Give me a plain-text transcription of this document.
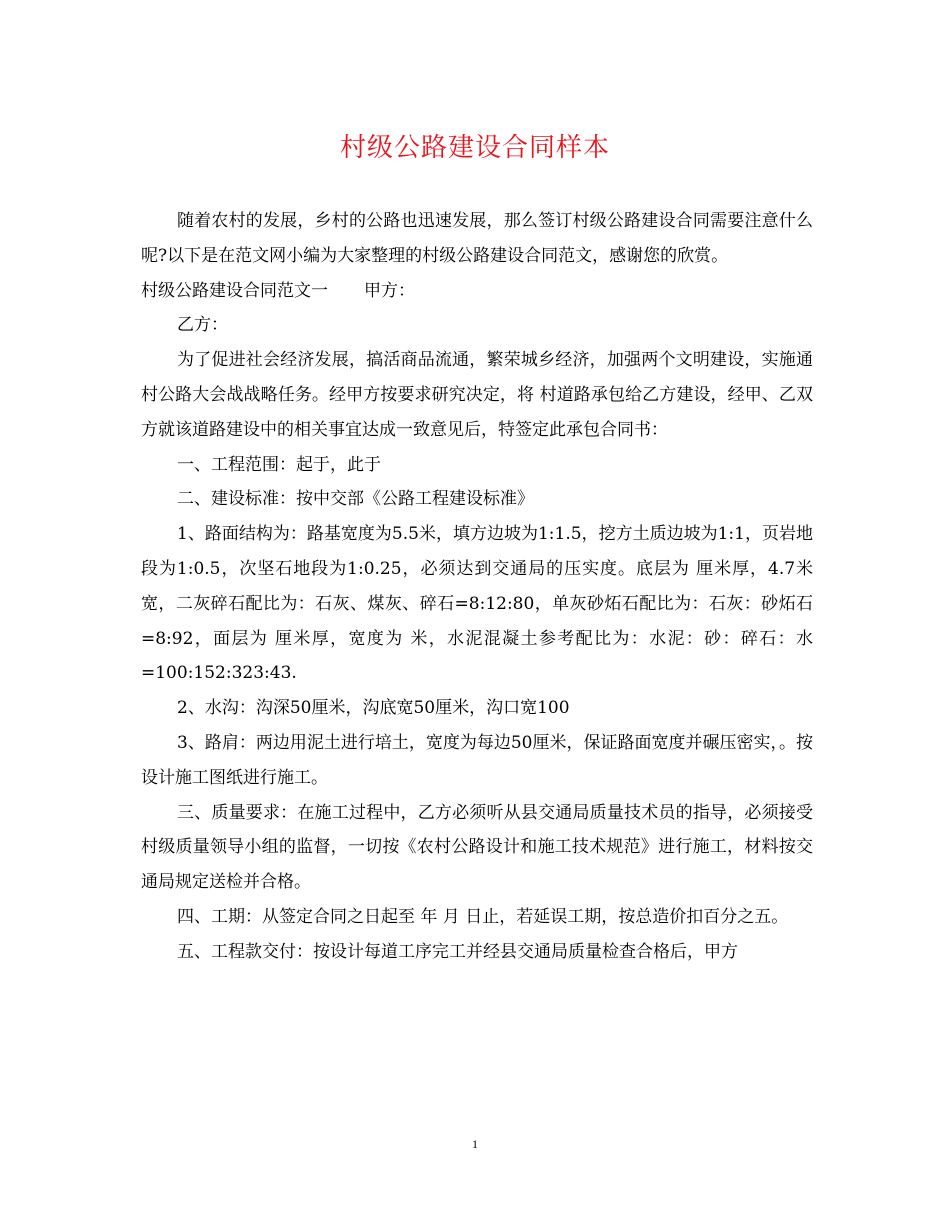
村级公路建设合同样本

随着农村的发展，乡村的公路也迅速发展，那么签订村级公路建设合同需要注意什么呢?以下是在范文网小编为大家整理的村级公路建设合同范文，感谢您的欣赏。

村级公路建设合同范文一 甲方：

乙方：

为了促进社会经济发展，搞活商品流通，繁荣城乡经济，加强两个文明建设，实施通村公路大会战战略任务。经甲方按要求研究决定，将 村道路承包给乙方建设，经甲、乙双方就该道路建设中的相关事宜达成一致意见后，特签定此承包合同书：

一、工程范围：起于，此于

二、建设标准：按中交部《公路工程建设标准》

1、路面结构为：路基宽度为5.5米，填方边坡为1:1.5，挖方土质边坡为1:1，页岩地段为1:0.5，次坚石地段为1:0.25，必须达到交通局的压实度。底层为 厘米厚，4.7米宽，二灰碎石配比为：石灰、煤灰、碎石=8:12:80，单灰砂炻石配比为：石灰：砂炻石=8:92，面层为 厘米厚，宽度为 米，水泥混凝土参考配比为：水泥：砂：碎石：水=100:152:323:43.

2、水沟：沟深50厘米，沟底宽50厘米，沟口宽100

3、路肩：两边用泥土进行培土，宽度为每边50厘米，保证路面宽度并碾压密实，。按设计施工图纸进行施工。

三、质量要求：在施工过程中，乙方必须听从县交通局质量技术员的指导，必须接受村级质量领导小组的监督，一切按《农村公路设计和施工技术规范》进行施工，材料按交通局规定送检并合格。

四、工期：从签定合同之日起至 年 月 日止，若延误工期，按总造价扣百分之五。

五、工程款交付：按设计每道工序完工并经县交通局质量检查合格后，甲方

1
